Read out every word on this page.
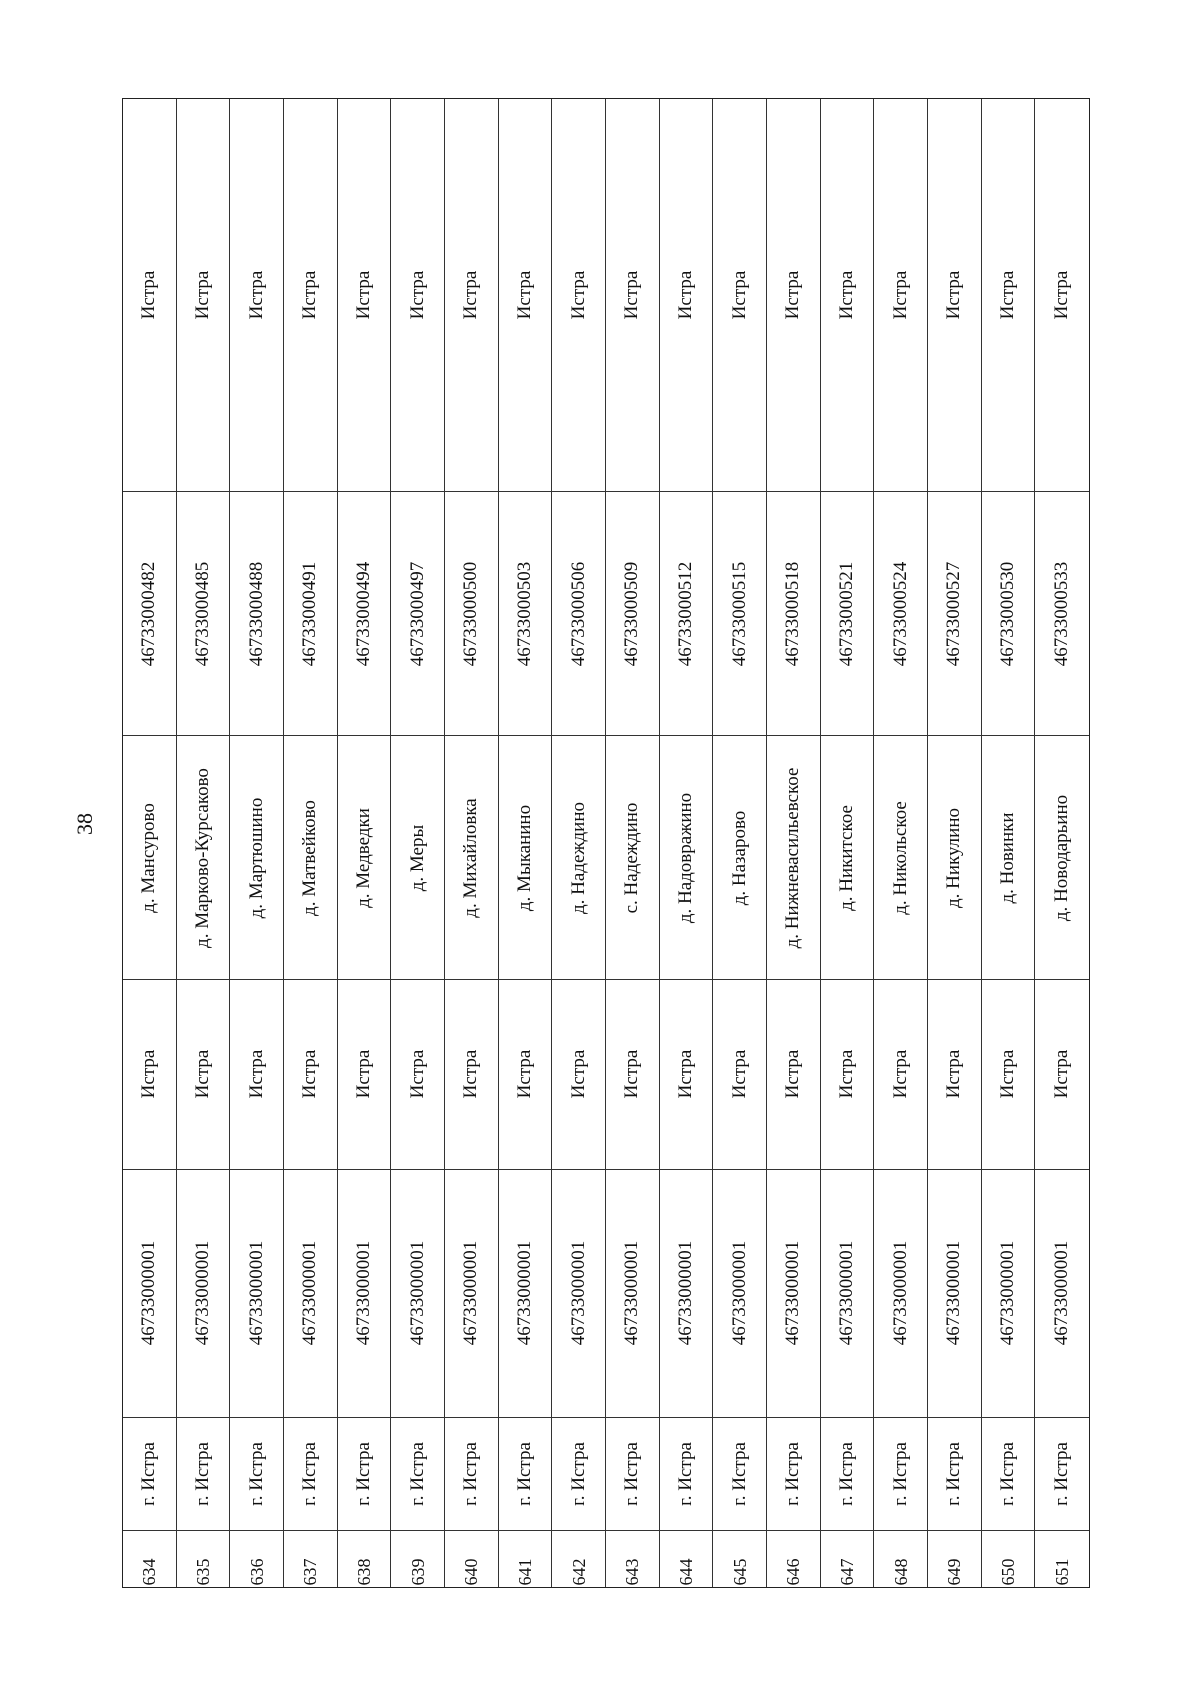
38
Истра Истра Истра Истра Истра Истра Истра Истра Истра Истра Истра Истра Истра Истра Истра Истра Истра Истра
46733000482 46733000485 46733000488 46733000491 46733000494 46733000497 46733000500 46733000503 46733000506 46733000509 46733000512 46733000515 46733000518 46733000521 46733000524 46733000527 46733000530 46733000533
д. Мансурово д. Марково-Курсаково д. Мартюшино д. Матвейково д. Медведки д. Меры д. Михайловка д. Мыканино д. Надеждино с. Надеждино д. Надовражино д. Назарово д. Нижневасильевское д. Никитское д. Никольское д. Никулино д. Новинки д. Новодарьино
Истра Истра Истра Истра Истра Истра Истра Истра Истра Истра Истра Истра Истра Истра Истра Истра Истра Истра
46733000001 46733000001 46733000001 46733000001 46733000001 46733000001 46733000001 46733000001 46733000001 46733000001 46733000001 46733000001 46733000001 46733000001 46733000001 46733000001 46733000001 46733000001
г. Истра
634
г. Истра
635
г. Истра
636
г. Истра
637
г. Истра
638
г. Истра
639
г. Истра
640
г. Истра
641
г. Истра
642
г. Истра
643
г. Истра
644
г. Истра
645
г. Истра
646
г. Истра
647
г. Истра
648
г. Истра
649
г. Истра
650
г. Истра
651
